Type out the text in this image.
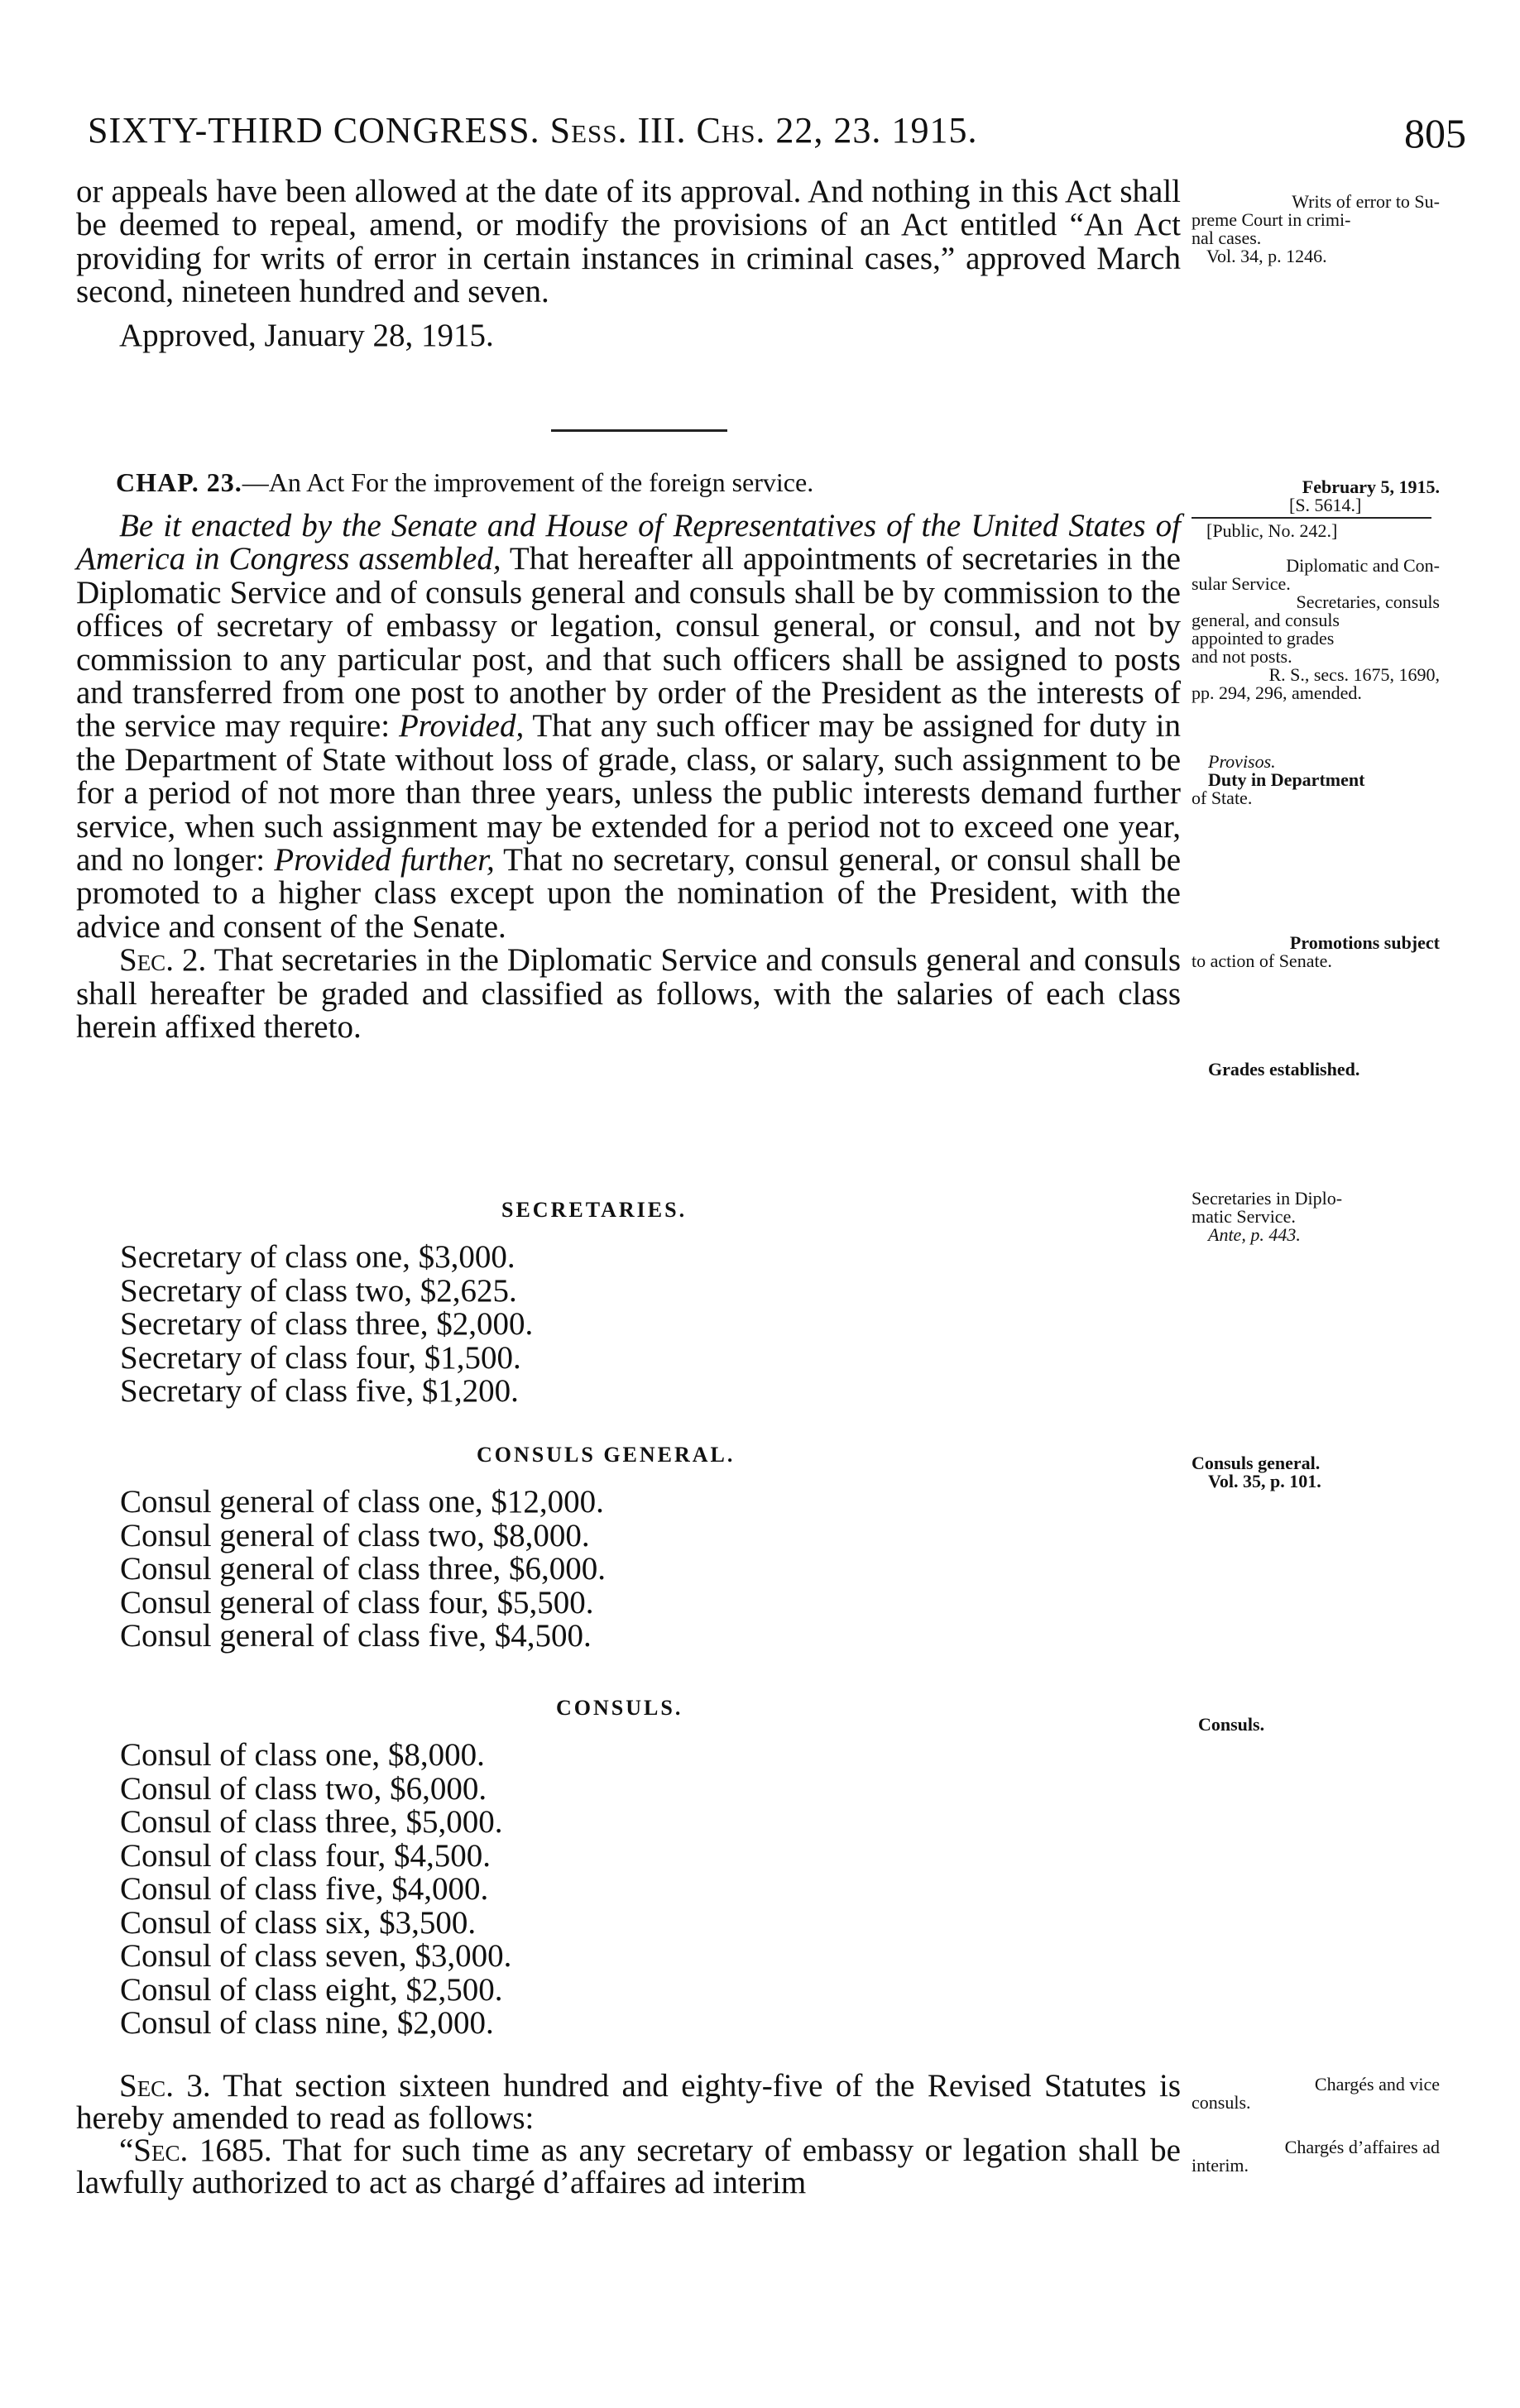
SIXTY-THIRD CONGRESS. Sess. III. Chs. 22, 23. 1915.	805

or appeals have been allowed at the date of its approval. And nothing in this Act shall be deemed to repeal, amend, or modify the provisions of an Act entitled “An Act providing for writs of error in certain instances in criminal cases,” approved March second, nineteen hundred and seven.

Approved, January 28, 1915.

CHAP. 23.—An Act For the improvement of the foreign service.

Be it enacted by the Senate and House of Representatives of the United States of America in Congress assembled, That hereafter all appointments of secretaries in the Diplomatic Service and of consuls general and consuls shall be by commission to the offices of secretary of embassy or legation, consul general, or consul, and not by commission to any particular post, and that such officers shall be assigned to posts and transferred from one post to another by order of the President as the interests of the service may require: Provided, That any such officer may be assigned for duty in the Department of State without loss of grade, class, or salary, such assignment to be for a period of not more than three years, unless the public interests demand further service, when such assignment may be extended for a period not to exceed one year, and no longer: Provided further, That no secretary, consul general, or consul shall be promoted to a higher class except upon the nomination of the President, with the advice and consent of the Senate.

Sec. 2. That secretaries in the Diplomatic Service and consuls general and consuls shall hereafter be graded and classified as follows, with the salaries of each class herein affixed thereto.

SECRETARIES.
Secretary of class one, $3,000.
Secretary of class two, $2,625.
Secretary of class three, $2,000.
Secretary of class four, $1,500.
Secretary of class five, $1,200.
CONSULS GENERAL.
Consul general of class one, $12,000.
Consul general of class two, $8,000.
Consul general of class three, $6,000.
Consul general of class four, $5,500.
Consul general of class five, $4,500.
CONSULS.
Consul of class one, $8,000.
Consul of class two, $6,000.
Consul of class three, $5,000.
Consul of class four, $4,500.
Consul of class five, $4,000.
Consul of class six, $3,500.
Consul of class seven, $3,000.
Consul of class eight, $2,500.
Consul of class nine, $2,000.

Sec. 3. That section sixteen hundred and eighty-five of the Revised Statutes is hereby amended to read as follows:

“Sec. 1685. That for such time as any secretary of embassy or legation shall be lawfully authorized to act as chargé d’affaires ad interim

Writs of error to Su-
preme Court in crimi-
nal cases.
Vol. 34, p. 1246.
February 5, 1915.
[S. 5614.]
[Public, No. 242.]
Diplomatic and Con-
sular Service.
Secretaries, consuls
general, and consuls
appointed to grades
and not posts.
R. S., secs. 1675, 1690,
pp. 294, 296, amended.
Provisos.
Duty in Department
of State.
Promotions subject
to action of Senate.
Grades established.
Secretaries in Diplo-
matic Service.
Ante, p. 443.
Consuls general.
Vol. 35, p. 101.
Consuls.
Chargés and vice
consuls.
Chargés d’affaires ad
interim.
